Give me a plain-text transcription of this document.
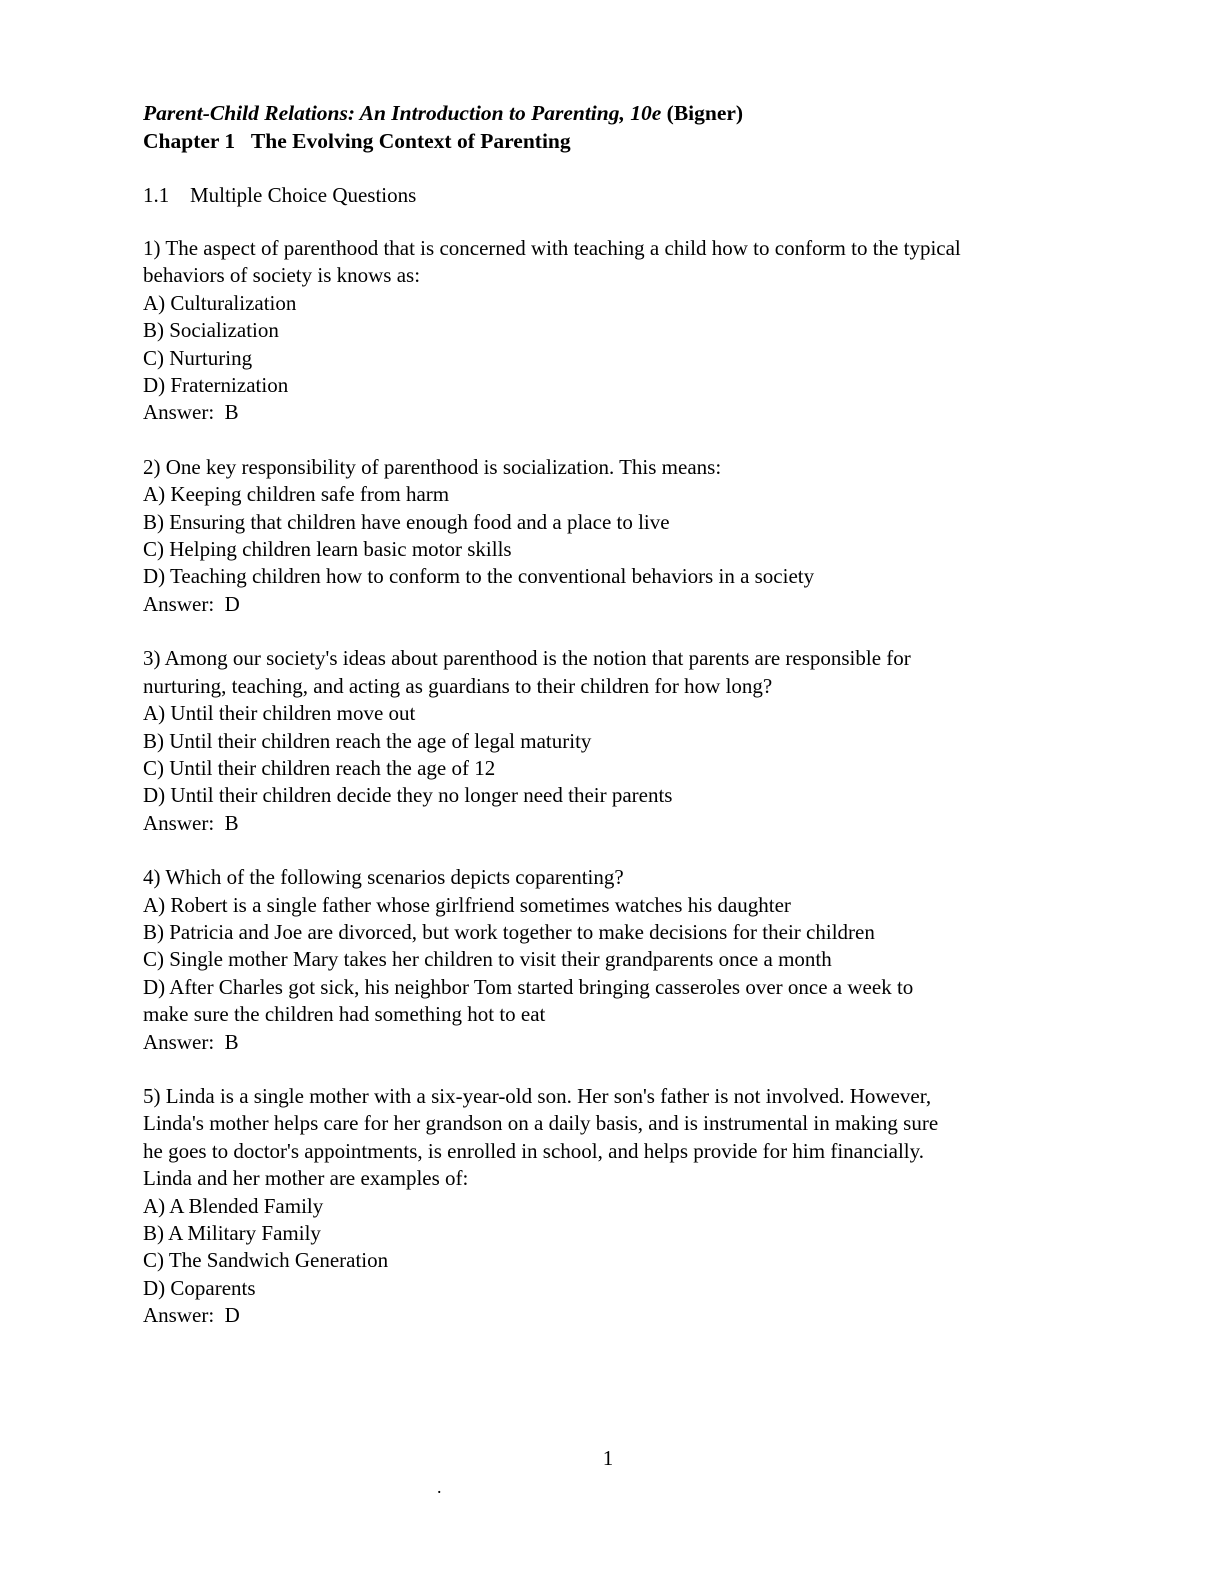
Parent-Child Relations: An Introduction to Parenting, 10e (Bigner)
Chapter 1   The Evolving Context of Parenting
1.1 Multiple Choice Questions
1) The aspect of parenthood that is concerned with teaching a child how to conform to the typical
behaviors of society is knows as:
A) Culturalization
B) Socialization
C) Nurturing
D) Fraternization
Answer:  B
2) One key responsibility of parenthood is socialization. This means:
A) Keeping children safe from harm
B) Ensuring that children have enough food and a place to live
C) Helping children learn basic motor skills
D) Teaching children how to conform to the conventional behaviors in a society
Answer:  D
3) Among our society's ideas about parenthood is the notion that parents are responsible for
nurturing, teaching, and acting as guardians to their children for how long?
A) Until their children move out
B) Until their children reach the age of legal maturity
C) Until their children reach the age of 12
D) Until their children decide they no longer need their parents
Answer:  B
4) Which of the following scenarios depicts coparenting?
A) Robert is a single father whose girlfriend sometimes watches his daughter
B) Patricia and Joe are divorced, but work together to make decisions for their children
C) Single mother Mary takes her children to visit their grandparents once a month
D) After Charles got sick, his neighbor Tom started bringing casseroles over once a week to
make sure the children had something hot to eat
Answer:  B
5) Linda is a single mother with a six-year-old son. Her son's father is not involved. However,
Linda's mother helps care for her grandson on a daily basis, and is instrumental in making sure
he goes to doctor's appointments, is enrolled in school, and helps provide for him financially.
Linda and her mother are examples of:
A) A Blended Family
B) A Military Family
C) The Sandwich Generation
D) Coparents
Answer:  D
1
.
